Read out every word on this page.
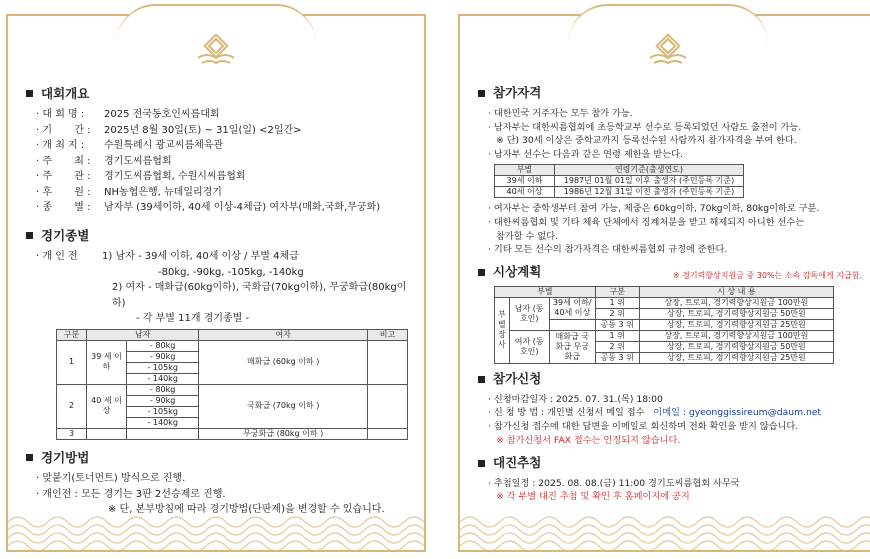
대회개요
· 대 회 명 :	2025 전국동호인씨름대회
· 기       간 :	2025년 8월 30일(토) ~ 31일(일) <2일간>
· 개 최 지 :	수원특례시 광교씨름체육관
· 주       최 :	경기도씨름협회
· 주       관 :	경기도씨름협회, 수원시씨름협회
· 후       원 :	NH농협은행, 뉴데일리경기
· 종       별 :	남자부 (39세이하, 40세 이상-4체급) 여자부(매화,국화,무궁화)
경기종별
· 개 인 전	1) 남자 - 39세 이하, 40세 이상 / 부별 4체급
-80kg, -90kg, -105kg, -140kg
2) 여자 - 매화급(60kg이하), 국화급(70kg이하), 무궁화급(80kg이하)
- 각 부별 11개 경기종별 -
구분	남자		여자	비고
1	39 세 이하	- 80kg	매화급 (60kg 이하 )	
		- 90kg		
		- 105kg		
		- 140kg		
2	40 세 이상	- 80kg	국화급 (70kg 이하 )	
		- 90kg		
		- 105kg		
		- 140kg		
3			무궁화급 (80kg 이하 )	
경기방법
· 맞붙기(토너먼트) 방식으로 진행.
· 개인전 : 모든 경기는 3판 2선승제로 진행.
※ 단, 본부방침에 따라 경기방법(단판제)을 변경할 수 있습니다.
참가자격
· 대한민국 거주자는 모두 참가 가능.
· 남자부는 대한씨름협회에 초등학교부 선수로 등록되었던 사람도 출전이 가능.
※ 단) 30세 이상은 중학교까지 등록선수된 사람까지 참가자격을 부여 한다.
· 남자부 선수는 다음과 같은 연령 제한을 받는다.
부별	연령기준(출생연도)
39세 이하	1987년 01월 01일 이후 출생자 (주민등록 기준)
40세 이상	1986년 12월 31일 이전 출생자 (주민등록 기준)
· 여자부는 중학생부터 참여 가능, 체중은 60kg이하, 70kg이하, 80kg이하로 구분.
· 대한씨름협회 및 기타 체육 단체에서 징계처분을 받고 해제되지 아니한 선수는
참가할 수 없다.
· 기타 모든 선수의 참가자격은 대한씨름협회 규정에 준한다.
시상계획	※ 경기력향상지원금 중 30%는 소속 감독에게 지급함.
부별			구분	시 상 내 용
부별 장사	남자 (동호인)	39세 이하/ 40세 이상	1 위	상장, 트로피, 경기력향상지원금 100만원
			2 위	상장, 트로피, 경기력향상지원금 50만원
			공동 3 위	상장, 트로피, 경기력향상지원금 25만원
	여자 (동호인)	매화급 국화급 무궁화급	1 위	상장, 트로피, 경기력향상지원금 100만원
			2 위	상장, 트로피, 경기력향상지원금 50만원
			공동 3 위	상장, 트로피, 경기력향상지원금 25만원
참가신청
· 신청마감일자 : 2025. 07. 31.(목) 18:00
· 신 청 방 법 : 개인별 신청서 메일 접수 이메일 : gyeonggissireum@daum.net
· 참가신청 접수에 대한 답변을 이메일로 회신하며 전화 확인을 받지 않습니다.
※ 참가신청서 FAX 접수는 인정되지 않습니다.
대진추첨
· 추첨일정 : 2025. 08. 08.(금) 11:00 경기도씨름협회 사무국
※ 각 부별 대진 추첨 및 확인 후 홈페이지에 공지
